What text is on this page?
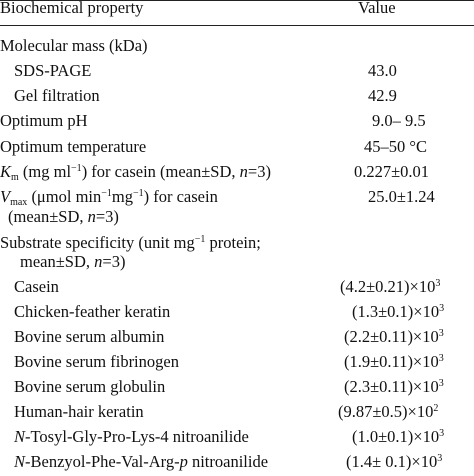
Biochemical property	Value
Molecular mass (kDa)
SDS-PAGE	43.0
Gel filtration	42.9
Optimum pH	9.0– 9.5
Optimum temperature	45–50 °C
$K_m$ (mg $ml^{-1}$) for casein (mean±SD, n=3)	0.227±0.01
$V_{max}$ (μmol $\min^{-1}mg^{-1}$) for casein	25.0±1.24
(mean±SD, n=3)
Substrate specificity (unit $mg^{-1}$ protein;
mean±SD, n=3)
Casein	$(4.2\pm 0.21)\times 10^3$
Chicken-feather keratin	$(1.3\pm 0.1)\times 10^3$
Bovine serum albumin	$(2.2\pm 0.11)\times 10^3$
Bovine serum fibrinogen	$(1.9\pm 0.11)\times 10^3$
Bovine serum globulin	$(2.3\pm 0.11)\times 10^3$
Human-hair keratin	$(9.87\pm 0.5)\times 10^2$
N-Tosyl-Gly-Pro-Lys-4 nitroanilide	$(1.0\pm 0.1)\times 10^3$
N-Benzyol-Phe-Val-Arg-p nitroanilide	$(1.4\pm 0.1)\times 10^3$
